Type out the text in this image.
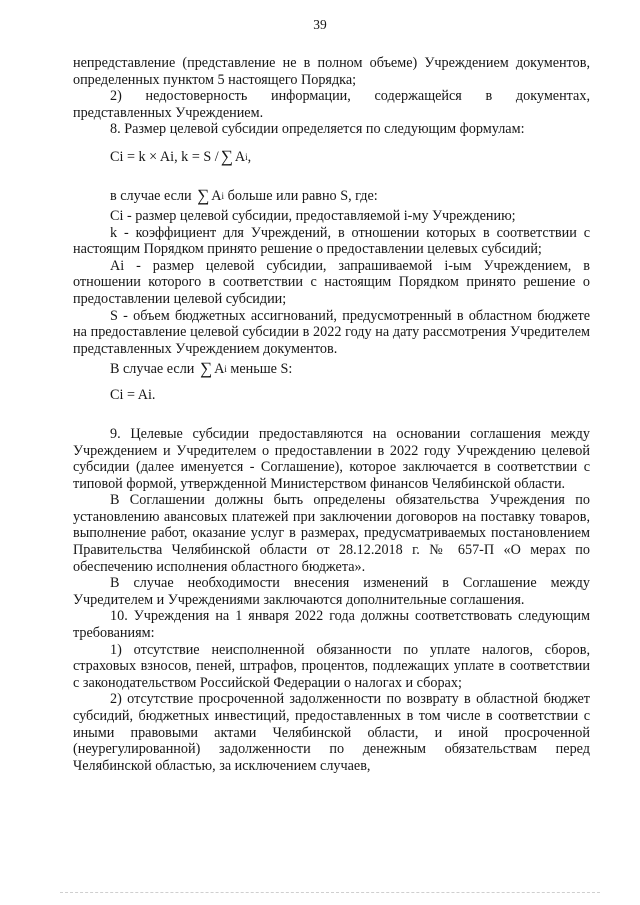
39

непредставление (представление не в полном объеме) Учреждением документов, определенных пунктом 5 настоящего Порядка;

2) недостоверность информации, содержащейся в документах, представленных Учреждением.

8. Размер целевой субсидии определяется по следующим формулам:

Ci = k × Ai, k = S / ∑ A i ,
в случае если
∑ A i
больше или равно S, где:

Ci - размер целевой субсидии, предоставляемой i-му Учреждению;

k - коэффициент для Учреждений, в отношении которых в соответствии с настоящим Порядком принято решение о предоставлении целевых субсидий;

Ai - размер целевой субсидии, запрашиваемой i-ым Учреждением, в отношении которого в соответствии с настоящим Порядком принято решение о предоставлении целевой субсидии;

S - объем бюджетных ассигнований, предусмотренный в областном бюджете на предоставление целевой субсидии в 2022 году на дату рассмотрения Учредителем представленных Учреждением документов.

В случае если
∑ A i
меньше S:

Ci = Ai.

9. Целевые субсидии предоставляются на основании соглашения между Учреждением и Учредителем о предоставлении в 2022 году Учреждению целевой субсидии (далее именуется - Соглашение), которое заключается в соответствии с типовой формой, утвержденной Министерством финансов Челябинской области.

В Соглашении должны быть определены обязательства Учреждения по установлению авансовых платежей при заключении договоров на поставку товаров, выполнение работ, оказание услуг в размерах, предусматриваемых постановлением Правительства Челябинской области от 28.12.2018 г. № 657-П «О мерах по обеспечению исполнения областного бюджета».

В случае необходимости внесения изменений в Соглашение между Учредителем и Учреждениями заключаются дополнительные соглашения.

10. Учреждения на 1 января 2022 года должны соответствовать следующим требованиям:

1) отсутствие неисполненной обязанности по уплате налогов, сборов, страховых взносов, пеней, штрафов, процентов, подлежащих уплате в соответствии с законодательством Российской Федерации о налогах и сборах;

2) отсутствие просроченной задолженности по возврату в областной бюджет субсидий, бюджетных инвестиций, предоставленных в том числе в соответствии с иными правовыми актами Челябинской области, и иной просроченной (неурегулированной) задолженности по денежным обязательствам перед Челябинской областью, за исключением случаев,
